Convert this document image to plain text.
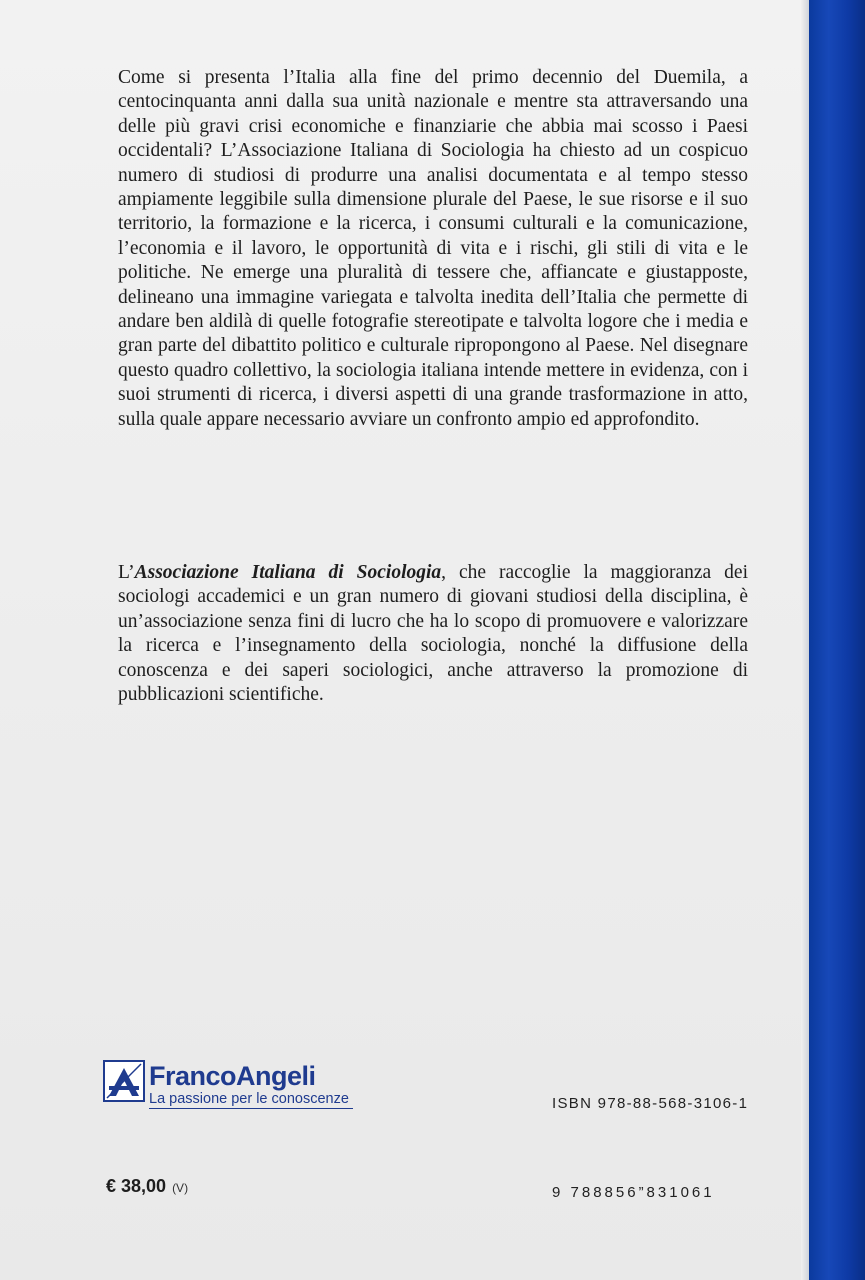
Come si presenta l’Italia alla fine del primo decennio del Duemila, a centocinquanta anni dalla sua unità nazionale e mentre sta attraversando una delle più gravi crisi economiche e finanziarie che abbia mai scosso i Paesi occidentali? L’Associazione Italiana di Sociologia ha chiesto ad un cospicuo numero di studiosi di produrre una analisi documentata e al tempo stesso ampiamente leggibile sulla dimensione plurale del Paese, le sue risorse e il suo territorio, la formazione e la ricerca, i consumi culturali e la comunicazione, l’economia e il lavoro, le opportunità di vita e i rischi, gli stili di vita e le politiche. Ne emerge una pluralità di tessere che, affiancate e giustapposte, delineano una immagine variegata e talvolta inedita dell’Italia che permette di andare ben aldilà di quelle fotografie stereotipate e talvolta logore che i media e gran parte del dibattito politico e culturale ripropongono al Paese. Nel disegnare questo quadro collettivo, la sociologia italiana intende mettere in evidenza, con i suoi strumenti di ricerca, i diversi aspetti di una grande trasformazione in atto, sulla quale appare necessario avviare un confronto ampio ed approfondito.

L’Associazione Italiana di Sociologia, che raccoglie la maggioranza dei sociologi accademici e un gran numero di giovani studiosi della disciplina, è un’associazione senza fini di lucro che ha lo scopo di promuovere e valorizzare la ricerca e l’insegnamento della sociologia, nonché la diffusione della conoscenza e dei saperi sociologici, anche attraverso la promozione di pubblicazioni scientifiche.

FrancoAngeli
La passione per le conoscenze	ISBN 978-88-568-3106-1
9 788856”831061
€ 38,00 (V)
